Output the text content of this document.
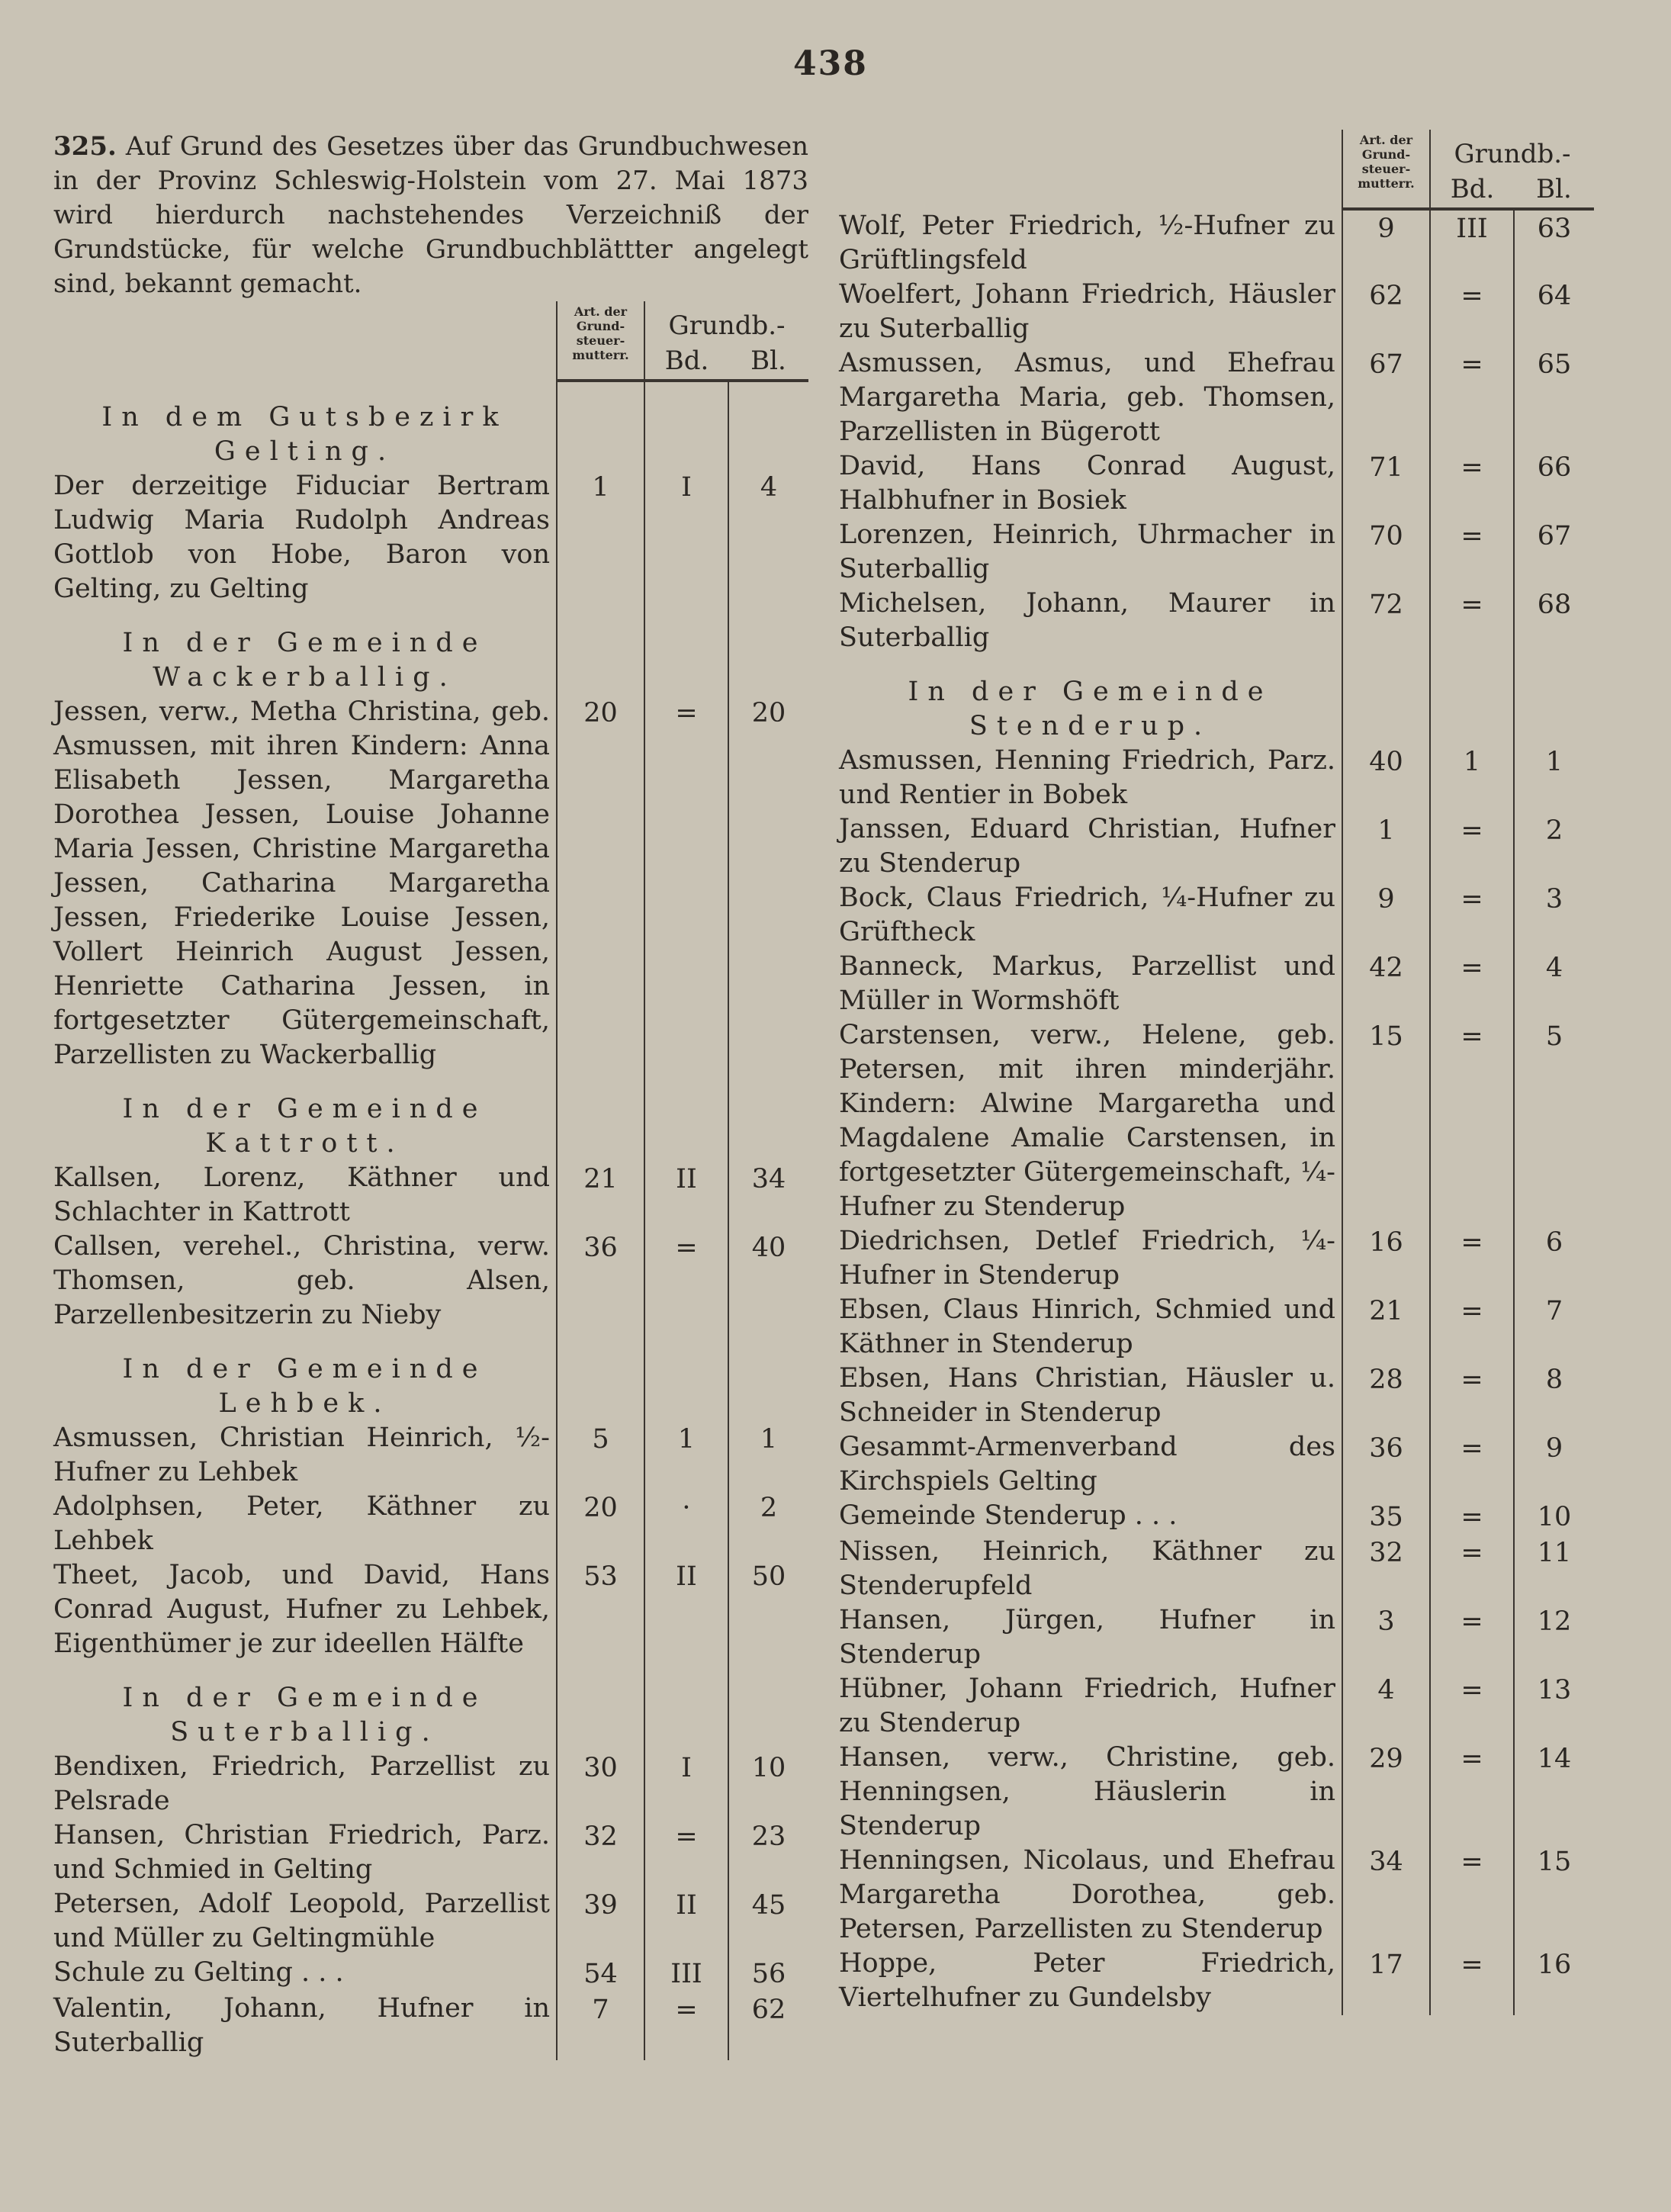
438
325. Auf Grund des Gesetzes über das Grundbuchwesen in der Provinz Schleswig-Holstein vom 27. Mai 1873 wird hierdurch nachstehendes Verzeichniß der Grundstücke, für welche Grundbuchblättter angelegt sind, bekannt gemacht.
	Art. der Grund-steuer-mutterr.	Grundb.-	
		Bd.	Bl.
In dem Gutsbezirk Gelting.			
Der derzeitige Fiduciar Bertram Ludwig Maria Rudolph Andreas Gottlob von Hobe, Baron von Gelting, zu Gelting	1	I	4
In der Gemeinde Wackerballig.			
Jessen, verw., Metha Christina, geb. Asmussen, mit ihren Kindern: Anna Elisabeth Jessen, Margaretha Dorothea Jessen, Louise Johanne Maria Jessen, Christine Margaretha Jessen, Catharina Margaretha Jessen, Friederike Louise Jessen, Vollert Heinrich August Jessen, Henriette Catharina Jessen, in fortgesetzter Gütergemeinschaft, Parzellisten zu Wackerballig	20	=	20
In der Gemeinde Kattrott.			
Kallsen, Lorenz, Käthner und Schlachter in Kattrott	21	II	34
Callsen, verehel., Christina, verw. Thomsen, geb. Alsen, Parzellenbesitzerin zu Nieby	36	=	40
In der Gemeinde Lehbek.			
Asmussen, Christian Heinrich, ½-Hufner zu Lehbek	5	1	1
Adolphsen, Peter, Käthner zu Lehbek	20	·	2
Theet, Jacob, und David, Hans Conrad August, Hufner zu Lehbek, Eigenthümer je zur ideellen Hälfte	53	II	50
In der Gemeinde Suterballig.			
Bendixen, Friedrich, Parzellist zu Pelsrade	30	I	10
Hansen, Christian Friedrich, Parz. und Schmied in Gelting	32	=	23
Petersen, Adolf Leopold, Parzellist und Müller zu Geltingmühle	39	II	45
Schule zu Gelting . . .	54	III	56
Valentin, Johann, Hufner in Suterballig	7	=	62
	Art. der Grund-steuer-mutterr.	Grundb.-	
		Bd.	Bl.
Wolf, Peter Friedrich, ½-Hufner zu Grüftlingsfeld	9	III	63
Woelfert, Johann Friedrich, Häusler zu Suterballig	62	=	64
Asmussen, Asmus, und Ehefrau Margaretha Maria, geb. Thomsen, Parzellisten in Bügerott	67	=	65
David, Hans Conrad August, Halbhufner in Bosiek	71	=	66
Lorenzen, Heinrich, Uhrmacher in Suterballig	70	=	67
Michelsen, Johann, Maurer in Suterballig	72	=	68
In der Gemeinde Stenderup.			
Asmussen, Henning Friedrich, Parz. und Rentier in Bobek	40	1	1
Janssen, Eduard Christian, Hufner zu Stenderup	1	=	2
Bock, Claus Friedrich, ¼-Hufner zu Grüftheck	9	=	3
Banneck, Markus, Parzellist und Müller in Wormshöft	42	=	4
Carstensen, verw., Helene, geb. Petersen, mit ihren minderjähr. Kindern: Alwine Margaretha und Magdalene Amalie Carstensen, in fortgesetzter Gütergemeinschaft, ¼-Hufner zu Stenderup	15	=	5
Diedrichsen, Detlef Friedrich, ¼-Hufner in Stenderup	16	=	6
Ebsen, Claus Hinrich, Schmied und Käthner in Stenderup	21	=	7
Ebsen, Hans Christian, Häusler u. Schneider in Stenderup	28	=	8
Gesammt-Armenverband des Kirchspiels Gelting	36	=	9
Gemeinde Stenderup . . .	35	=	10
Nissen, Heinrich, Käthner zu Stenderupfeld	32	=	11
Hansen, Jürgen, Hufner in Stenderup	3	=	12
Hübner, Johann Friedrich, Hufner zu Stenderup	4	=	13
Hansen, verw., Christine, geb. Henningsen, Häuslerin in Stenderup	29	=	14
Henningsen, Nicolaus, und Ehefrau Margaretha Dorothea, geb. Petersen, Parzellisten zu Stenderup	34	=	15
Hoppe, Peter Friedrich, Viertelhufner zu Gundelsby	17	=	16
